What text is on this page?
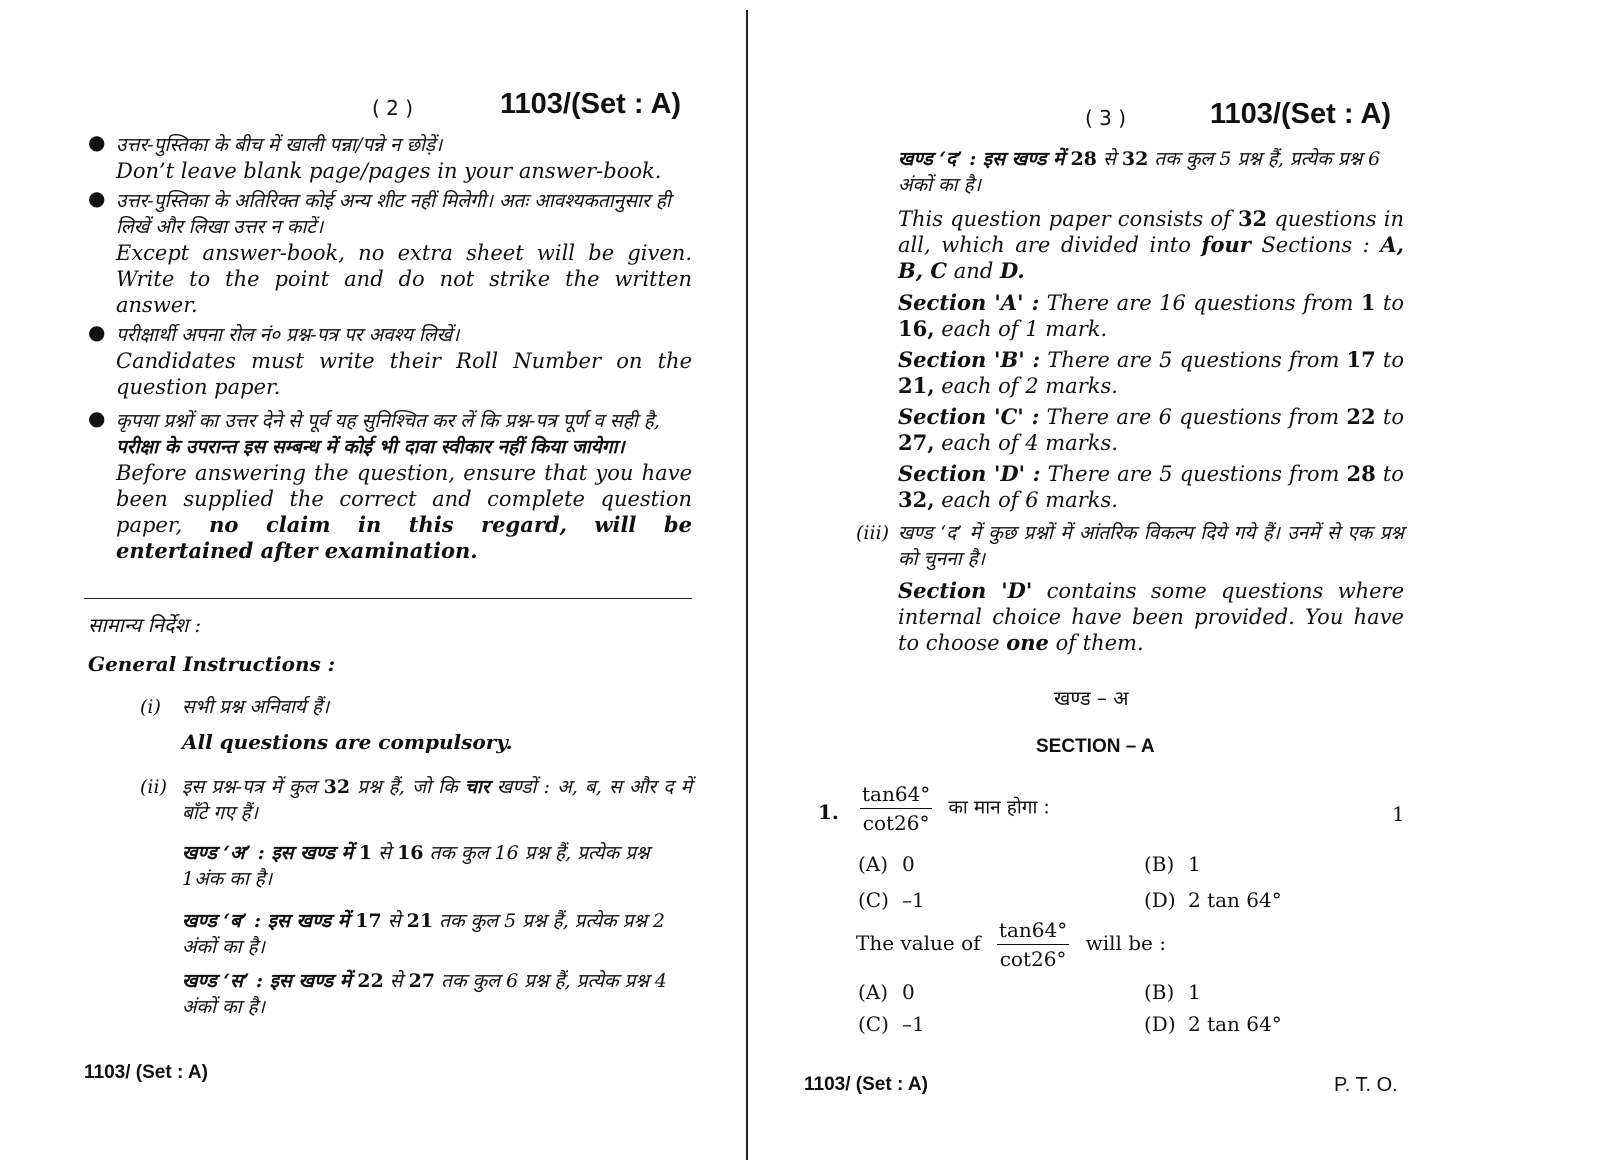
( 2 )	1103/(Set : A)
● उत्तर-पुस्तिका के बीच में खाली पन्ना/पन्ने न छोड़ें।
Don’t leave blank page/pages in your answer-book.
● उत्तर-पुस्तिका के अतिरिक्त कोई अन्य शीट नहीं मिलेगी। अतः आवश्यकतानुसार ही लिखें और लिखा उत्तर न काटें।
Except answer-book, no extra sheet will be given. Write to the point and do not strike the written answer.
● परीक्षार्थी अपना रोल नं० प्रश्न-पत्र पर अवश्य लिखें।
Candidates must write their Roll Number on the question paper.
● कृपया प्रश्नों का उत्तर देने से पूर्व यह सुनिश्चित कर लें कि प्रश्न-पत्र पूर्ण व सही है, परीक्षा के उपरान्त इस सम्बन्ध में कोई भी दावा स्वीकार नहीं किया जायेगा।
Before answering the question, ensure that you have been supplied the correct and complete question paper, no claim in this regard, will be entertained after examination.
सामान्य निर्देश :
General Instructions :
(i) सभी प्रश्न अनिवार्य हैं।
All questions are compulsory.
(ii) इस प्रश्न-पत्र में कुल 32 प्रश्न हैं, जो कि चार खण्डों : अ, ब, स और द में बाँटे गए हैं।
खण्ड ‘अ’ : इस खण्ड में 1 से 16 तक कुल 16 प्रश्न हैं, प्रत्येक प्रश्न 1अंक का है।
खण्ड ‘ब’ : इस खण्ड में 17 से 21 तक कुल 5 प्रश्न हैं, प्रत्येक प्रश्न 2 अंकों का है।
खण्ड ‘स’ : इस खण्ड में 22 से 27 तक कुल 6 प्रश्न हैं, प्रत्येक प्रश्न 4 अंकों का है।
1103/ (Set : A)
( 3 )	1103/(Set : A)
खण्ड ‘द’ : इस खण्ड में 28 से 32 तक कुल 5 प्रश्न हैं, प्रत्येक प्रश्न 6 अंकों का है।
This question paper consists of 32 questions in all, which are divided into four Sections : A, B, C and D.
Section 'A' : There are 16 questions from 1 to 16, each of 1 mark.
Section 'B' : There are 5 questions from 17 to 21, each of 2 marks.
Section 'C' : There are 6 questions from 22 to 27, each of 4 marks.
Section 'D' : There are 5 questions from 28 to 32, each of 6 marks.
(iii) खण्ड ‘द’ में कुछ प्रश्नों में आंतरिक विकल्प दिये गये हैं। उनमें से एक प्रश्न को चुनना है।
Section 'D' contains some questions where internal choice have been provided. You have to choose one of them.
खण्ड – अ
SECTION – A
1. $\frac{\tan 64^\circ}{\cot 26^\circ}$ का मान होगा :	1
(A) 0	(B) 1
(C) –1	(D) 2 tan 64°
The value of $\frac{\tan 64^\circ}{\cot 26^\circ}$ will be :
(A) 0	(B) 1
(C) –1	(D) 2 tan 64°
1103/ (Set : A)	P. T. O.
